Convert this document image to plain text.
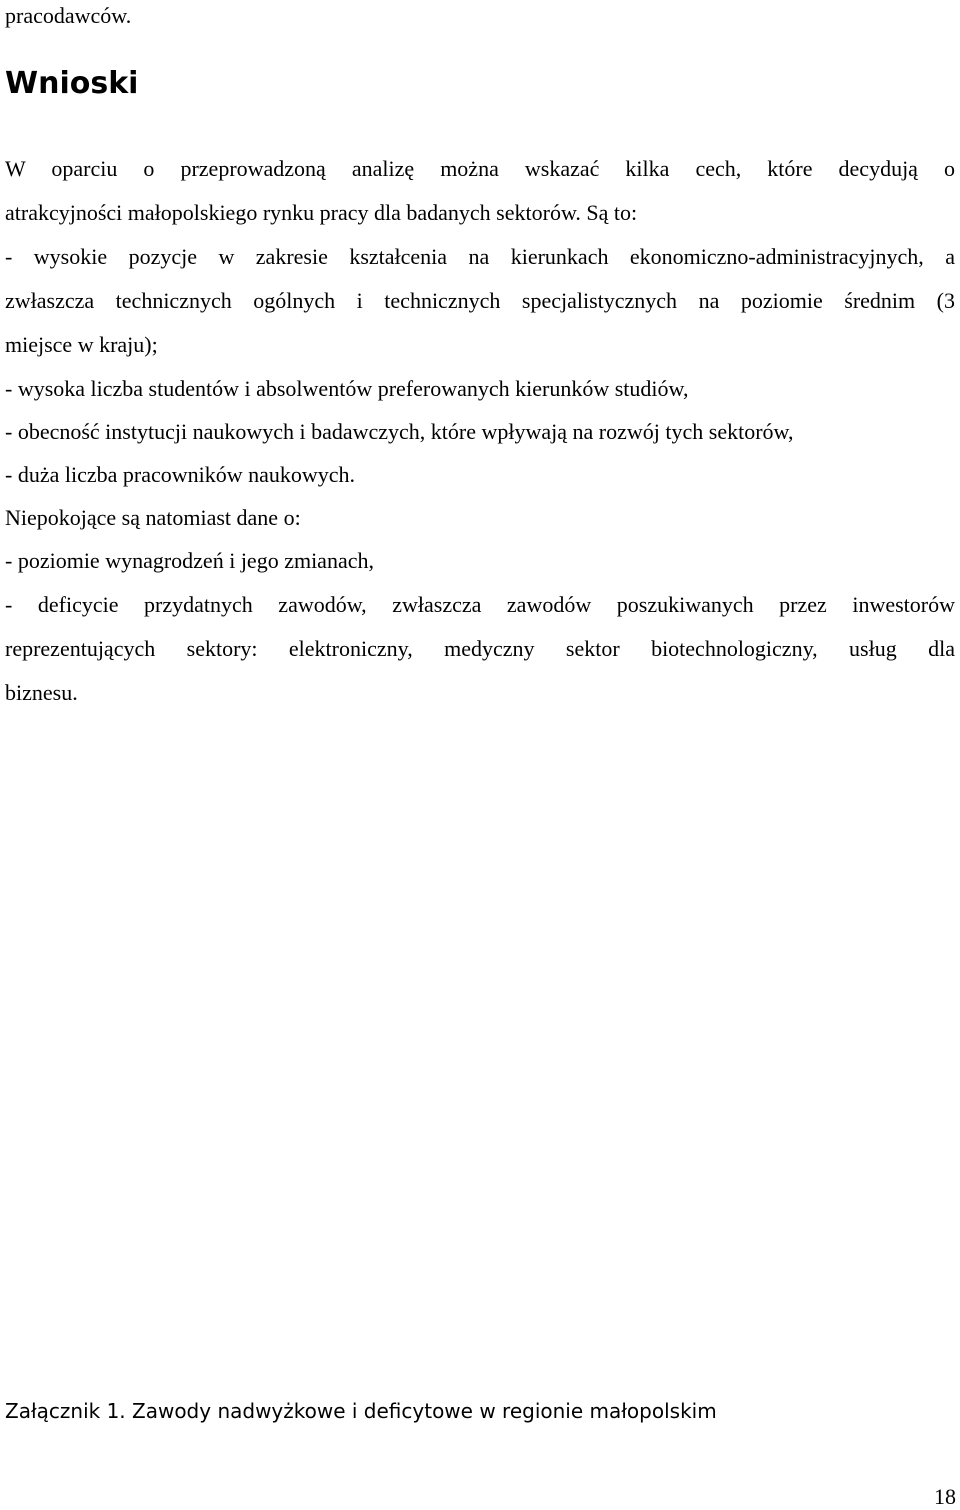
pracodawców.
Wnioski
W oparciu o przeprowadzoną analizę można wskazać kilka cech, które decydują o
atrakcyjności małopolskiego rynku pracy dla badanych sektorów. Są to:
- wysokie pozycje w zakresie kształcenia na kierunkach ekonomiczno-administracyjnych, a
zwłaszcza technicznych ogólnych i technicznych specjalistycznych na poziomie średnim (3
miejsce w kraju);
- wysoka liczba studentów i absolwentów preferowanych kierunków studiów,
- obecność instytucji naukowych i badawczych, które wpływają na rozwój tych sektorów,
- duża liczba pracowników naukowych.
Niepokojące są natomiast dane o:
- poziomie wynagrodzeń i jego zmianach,
- deficycie przydatnych zawodów, zwłaszcza zawodów poszukiwanych przez inwestorów
reprezentujących sektory: elektroniczny, medyczny sektor biotechnologiczny, usług dla
biznesu.
Załącznik 1. Zawody nadwyżkowe i deficytowe w regionie małopolskim
18
